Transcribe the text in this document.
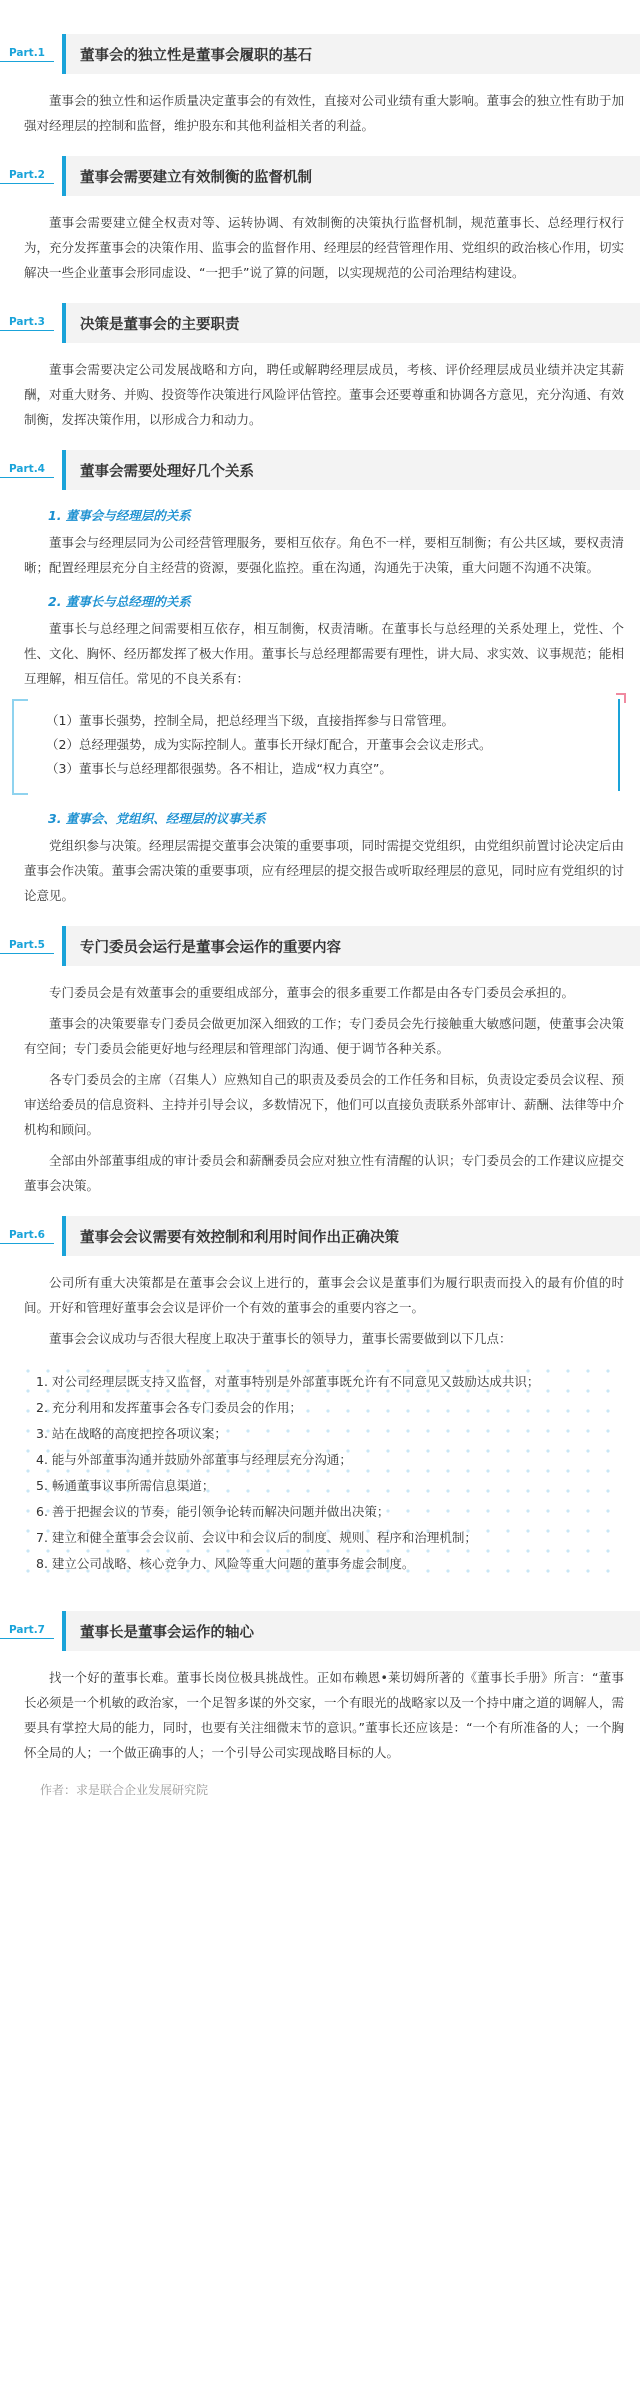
Part.1	董事会的独立性是董事会履职的基石

董事会的独立性和运作质量决定董事会的有效性，直接对公司业绩有重大影响。董事会的独立性有助于加强对经理层的控制和监督，维护股东和其他利益相关者的利益。

Part.2	董事会需要建立有效制衡的监督机制

董事会需要建立健全权责对等、运转协调、有效制衡的决策执行监督机制，规范董事长、总经理行权行为，充分发挥董事会的决策作用、监事会的监督作用、经理层的经营管理作用、党组织的政治核心作用，切实解决一些企业董事会形同虚设、“一把手”说了算的问题，以实现规范的公司治理结构建设。

Part.3	决策是董事会的主要职责

董事会需要决定公司发展战略和方向，聘任或解聘经理层成员，考核、评价经理层成员业绩并决定其薪酬，对重大财务、并购、投资等作决策进行风险评估管控。董事会还要尊重和协调各方意见，充分沟通、有效制衡，发挥决策作用，以形成合力和动力。

Part.4	董事会需要处理好几个关系
1. 董事会与经理层的关系

董事会与经理层同为公司经营管理服务，要相互依存。角色不一样，要相互制衡；有公共区域，要权责清晰；配置经理层充分自主经营的资源，要强化监控。重在沟通，沟通先于决策，重大问题不沟通不决策。

2. 董事长与总经理的关系

董事长与总经理之间需要相互依存，相互制衡，权责清晰。在董事长与总经理的关系处理上，党性、个性、文化、胸怀、经历都发挥了极大作用。董事长与总经理都需要有理性，讲大局、求实效、议事规范；能相互理解，相互信任。常见的不良关系有：

（1）董事长强势，控制全局，把总经理当下级，直接指挥参与日常管理。
（2）总经理强势，成为实际控制人。董事长开绿灯配合，开董事会会议走形式。
（3）董事长与总经理都很强势。各不相让，造成“权力真空”。
3. 董事会、党组织、经理层的议事关系

党组织参与决策。经理层需提交董事会决策的重要事项，同时需提交党组织，由党组织前置讨论决定后由董事会作决策。董事会需决策的重要事项，应有经理层的提交报告或听取经理层的意见，同时应有党组织的讨论意见。

Part.5	专门委员会运行是董事会运作的重要内容

专门委员会是有效董事会的重要组成部分，董事会的很多重要工作都是由各专门委员会承担的。

董事会的决策要靠专门委员会做更加深入细致的工作；专门委员会先行接触重大敏感问题，使董事会决策有空间；专门委员会能更好地与经理层和管理部门沟通、便于调节各种关系。

各专门委员会的主席（召集人）应熟知自己的职责及委员会的工作任务和目标，负责设定委员会议程、预审送给委员的信息资料、主持并引导会议，多数情况下，他们可以直接负责联系外部审计、薪酬、法律等中介机构和顾问。

全部由外部董事组成的审计委员会和薪酬委员会应对独立性有清醒的认识；专门委员会的工作建议应提交董事会决策。

Part.6	董事会会议需要有效控制和利用时间作出正确决策

公司所有重大决策都是在董事会会议上进行的，董事会会议是董事们为履行职责而投入的最有价值的时间。开好和管理好董事会会议是评价一个有效的董事会的重要内容之一。

董事会会议成功与否很大程度上取决于董事长的领导力，董事长需要做到以下几点：

1. 对公司经理层既支持又监督，对董事特别是外部董事既允许有不同意见又鼓励达成共识；
2. 充分利用和发挥董事会各专门委员会的作用；
3. 站在战略的高度把控各项议案；
4. 能与外部董事沟通并鼓励外部董事与经理层充分沟通；
5. 畅通董事议事所需信息渠道；
6. 善于把握会议的节奏，能引领争论转而解决问题并做出决策；
7. 建立和健全董事会会议前、会议中和会议后的制度、规则、程序和治理机制；
8. 建立公司战略、核心竞争力、风险等重大问题的董事务虚会制度。
Part.7	董事长是董事会运作的轴心

找一个好的董事长难。董事长岗位极具挑战性。正如布赖恩•莱切姆所著的《董事长手册》所言：“董事长必须是一个机敏的政治家，一个足智多谋的外交家，一个有眼光的战略家以及一个持中庸之道的调解人，需要具有掌控大局的能力，同时，也要有关注细微末节的意识。”董事长还应该是：“一个有所准备的人；一个胸怀全局的人；一个做正确事的人；一个引导公司实现战略目标的人。

作者：求是联合企业发展研究院
